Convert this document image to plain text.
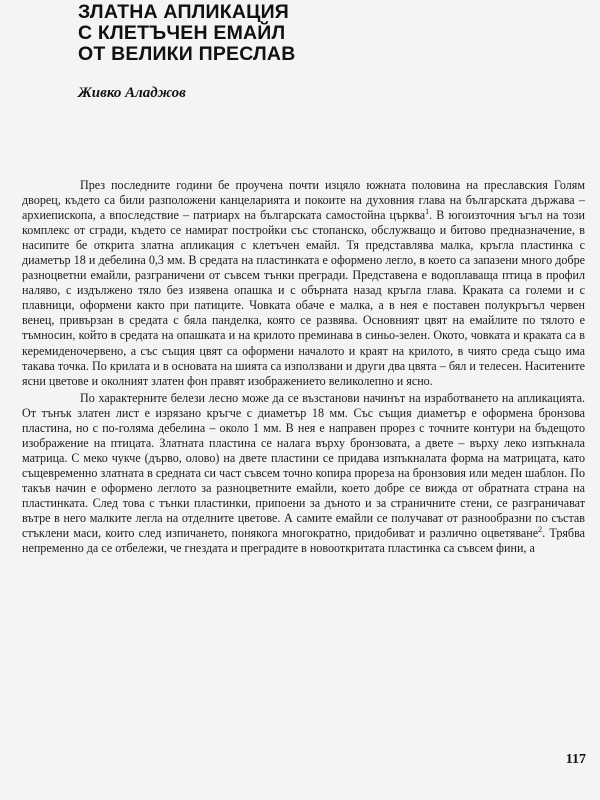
ЗЛАТНА АПЛИКАЦИЯ
С КЛЕТЪЧЕН ЕМАЙЛ
ОТ ВЕЛИКИ ПРЕСЛАВ
Живко Аладжов

През последните години бе проучена почти изцяло южната половина на преславския Голям дворец, където са били разположени канцеларията и покоите на духовния глава на българската държава – архиепископа, а впоследствие – патриарх на българската самостойна църква$^1$. В югоизточния ъгъл на този комплекс от сгради, където се намират постройки със стопанско, обслужващо и битово предназначение, в насипите бе открита златна апликация с клетъчен емайл. Тя представлява малка, кръгла пластинка с диаметър 18 и дебелина 0,3 мм. В средата на пластинката е оформено легло, в което са запазени много добре разноцветни емайли, разграничени от съвсем тънки прегради. Представена е водоплаваща птица в профил наляво, с издължено тяло без изявена опашка и с обърната назад кръгла глава. Краката са големи и с плавници, оформени както при патиците. Човката обаче е малка, а в нея е поставен полукръгъл червен венец, привързан в средата с бяла панделка, която се развява. Основният цвят на емайлите по тялото е тъмносин, който в средата на опашката и на крилото преминава в синьо-зелен. Окото, човката и краката са в керемиденочервено, а със същия цвят са оформени началото и краят на крилото, в чиято среда също има такава точка. По крилата и в основата на шията са използвани и други два цвята – бял и телесен. Наситените ясни цветове и околният златен фон правят изображението великолепно и ясно.

По характерните белези лесно може да се възстанови начинът на изработването на апликацията. От тънък златен лист е изрязано кръгче с диаметър 18 мм. Със същия диаметър е оформена бронзова пластина, но с по-голяма дебелина – около 1 мм. В нея е направен прорез с точните контури на бъдещото изображение на птицата. Златната пластина се налага върху бронзовата, а двете – върху леко изпъкнала матрица. С меко чукче (дърво, олово) на двете пластини се придава изпъкналата форма на матрицата, като същевременно златната в средната си част съвсем точно копира прореза на бронзовия или меден шаблон. По такъв начин е оформено леглото за разноцветните емайли, което добре се вижда от обратната страна на пластинката. След това с тънки пластинки, припоени за дъното и за страничните стени, се разграничават вътре в него малките легла на отделните цветове. А самите емайли се получават от разнообразни по състав стъклени маси, които след изпичането, понякога многократно, придобиват и различно оцветяване$^2$. Трябва непременно да се отбележи, че гнездата и преградите в новооткритата пластинка са съвсем фини, а

117
